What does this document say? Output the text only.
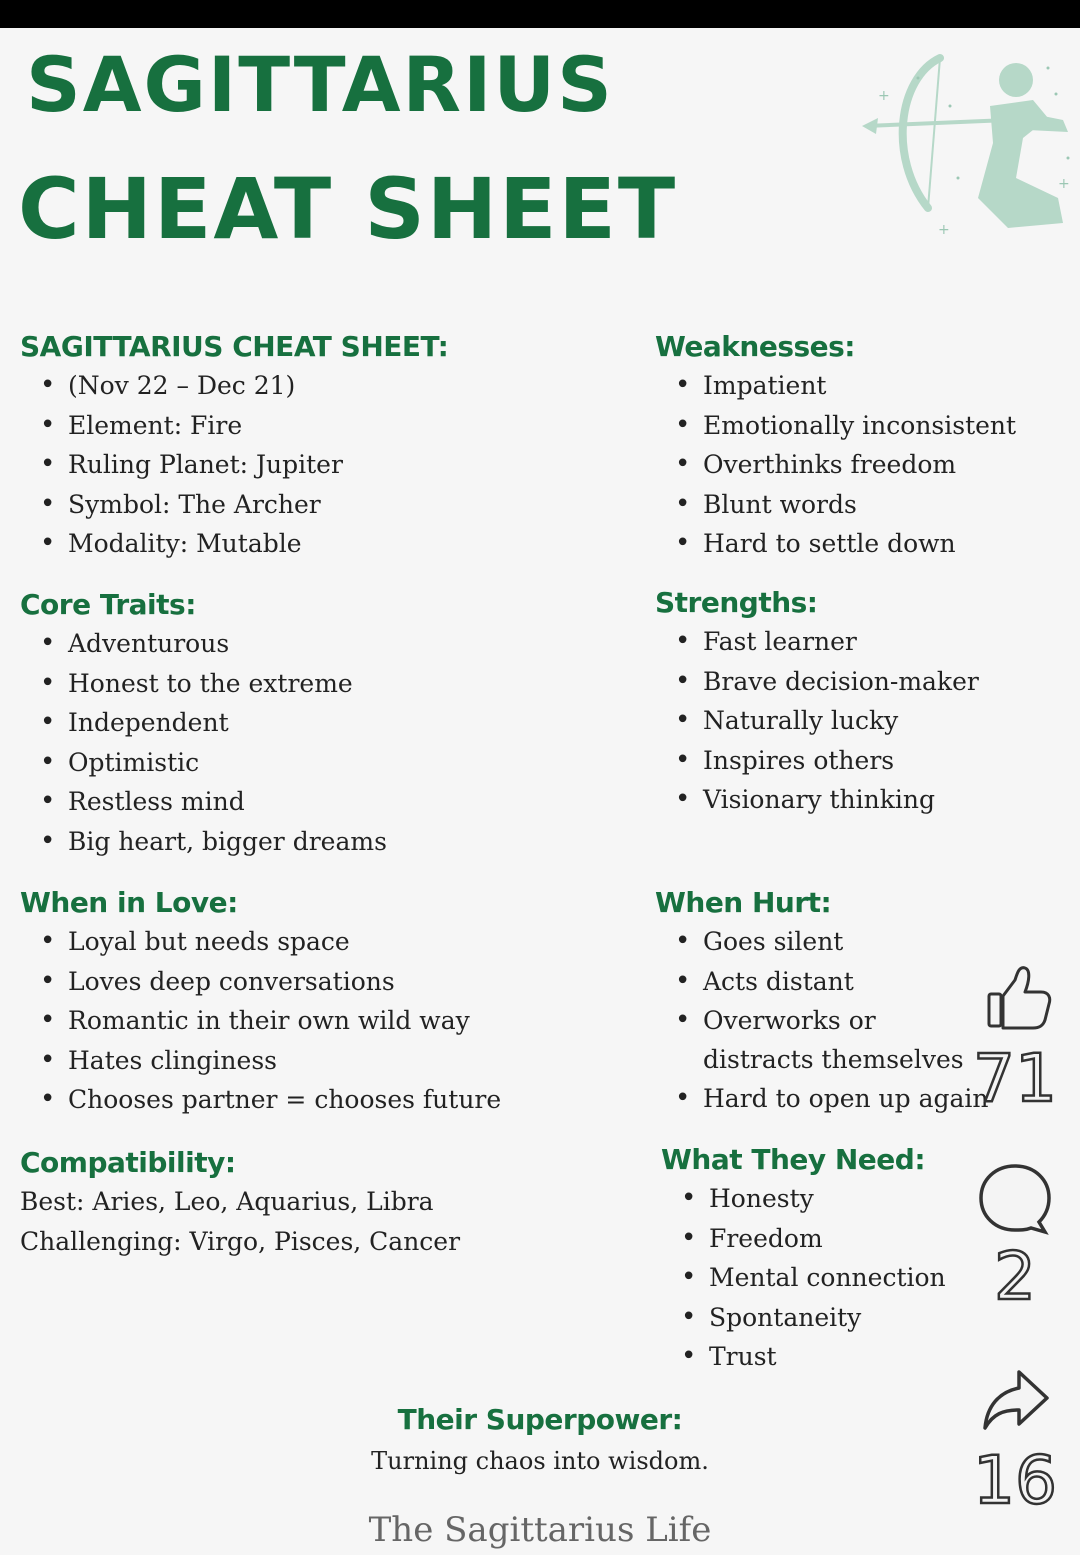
SAGITTARIUS
CHEAT SHEET
+
+
+
SAGITTARIUS CHEAT SHEET:
• (Nov 22 – Dec 21)
• Element: Fire
• Ruling Planet: Jupiter
• Symbol: The Archer
• Modality: Mutable
Core Traits:
• Adventurous
• Honest to the extreme
• Independent
• Optimistic
• Restless mind
• Big heart, bigger dreams
When in Love:
• Loyal but needs space
• Loves deep conversations
• Romantic in their own wild way
• Hates clinginess
• Chooses partner = chooses future
Compatibility:

Best: Aries, Leo, Aquarius, Libra

Challenging: Virgo, Pisces, Cancer

Weaknesses:
• Impatient
• Emotionally inconsistent
• Overthinks freedom
• Blunt words
• Hard to settle down
Strengths:
• Fast learner
• Brave decision-maker
• Naturally lucky
• Inspires others
• Visionary thinking
When Hurt:
• Goes silent
• Acts distant
• Overworks or distracts themselves
• Hard to open up again
What They Need:
• Honesty
• Freedom
• Mental connection
• Spontaneity
• Trust
Their Superpower:

Turning chaos into wisdom.

The Sagittarius Life
71
2
16
